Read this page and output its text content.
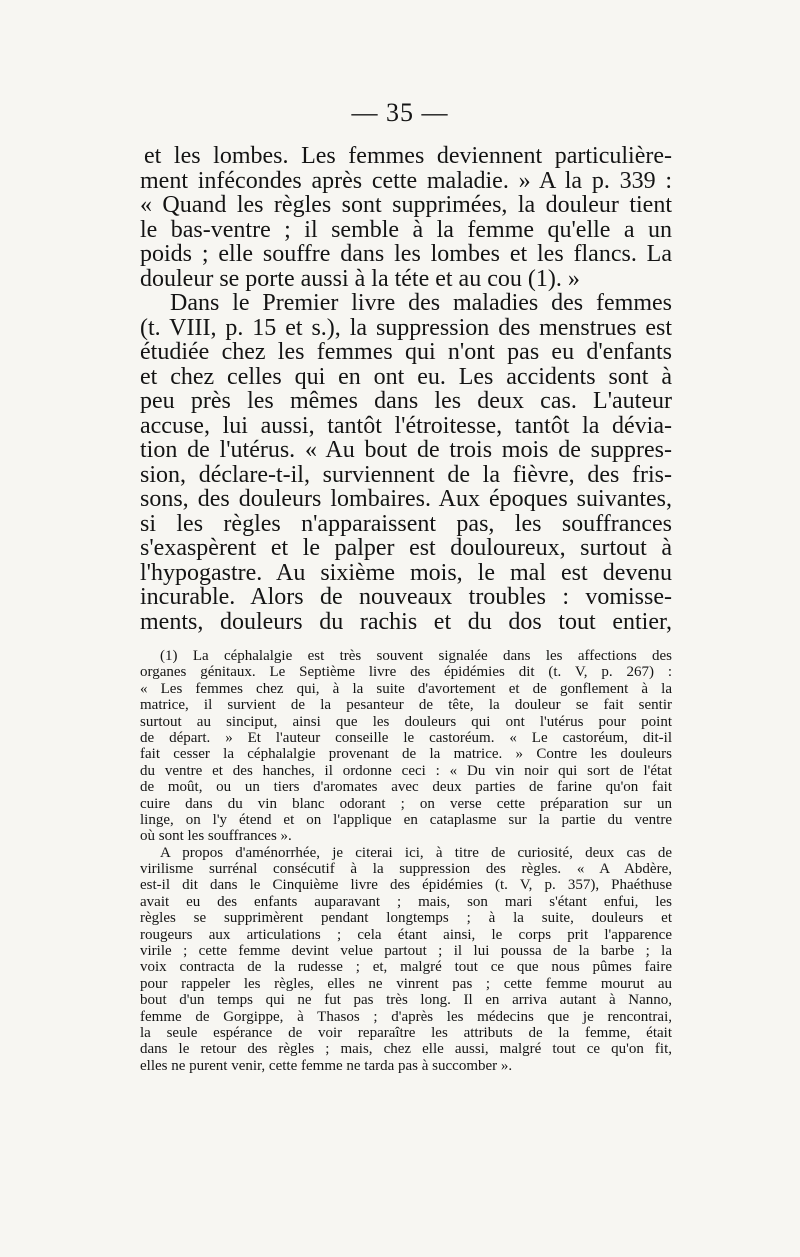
— 35 —
et les lombes. Les femmes deviennent particulière-
ment infécondes après cette maladie. » A la p. 339 :
« Quand les règles sont supprimées, la douleur tient
le bas-ventre ; il semble à la femme qu'elle a un
poids ; elle souffre dans les lombes et les flancs. La
douleur se porte aussi à la téte et au cou (1). »
Dans le Premier livre des maladies des femmes
(t. VIII, p. 15 et s.), la suppression des menstrues est
étudiée chez les femmes qui n'ont pas eu d'enfants
et chez celles qui en ont eu. Les accidents sont à
peu près les mêmes dans les deux cas. L'auteur
accuse, lui aussi, tantôt l'étroitesse, tantôt la dévia-
tion de l'utérus. « Au bout de trois mois de suppres-
sion, déclare-t-il, surviennent de la fièvre, des fris-
sons, des douleurs lombaires. Aux époques suivantes,
si les règles n'apparaissent pas, les souffrances
s'exaspèrent et le palper est douloureux, surtout à
l'hypogastre. Au sixième mois, le mal est devenu
incurable. Alors de nouveaux troubles : vomisse-
ments, douleurs du rachis et du dos tout entier,
(1) La céphalalgie est très souvent signalée dans les affections des
organes génitaux. Le Septième livre des épidémies dit (t. V, p. 267) :
« Les femmes chez qui, à la suite d'avortement et de gonflement à la
matrice, il survient de la pesanteur de tête, la douleur se fait sentir
surtout au sinciput, ainsi que les douleurs qui ont l'utérus pour point
de départ. » Et l'auteur conseille le castoréum. « Le castoréum, dit-il
fait cesser la céphalalgie provenant de la matrice. » Contre les douleurs
du ventre et des hanches, il ordonne ceci : « Du vin noir qui sort de l'état
de moût, ou un tiers d'aromates avec deux parties de farine qu'on fait
cuire dans du vin blanc odorant ; on verse cette préparation sur un
linge, on l'y étend et on l'applique en cataplasme sur la partie du ventre
où sont les souffrances ».
A propos d'aménorrhée, je citerai ici, à titre de curiosité, deux cas de
virilisme surrénal consécutif à la suppression des règles. « A Abdère,
est-il dit dans le Cinquième livre des épidémies (t. V, p. 357), Phaéthuse
avait eu des enfants auparavant ; mais, son mari s'étant enfui, les
règles se supprimèrent pendant longtemps ; à la suite, douleurs et
rougeurs aux articulations ; cela étant ainsi, le corps prit l'apparence
virile ; cette femme devint velue partout ; il lui poussa de la barbe ; la
voix contracta de la rudesse ; et, malgré tout ce que nous pûmes faire
pour rappeler les règles, elles ne vinrent pas ; cette femme mourut au
bout d'un temps qui ne fut pas très long. Il en arriva autant à Nanno,
femme de Gorgippe, à Thasos ; d'après les médecins que je rencontrai,
la seule espérance de voir reparaître les attributs de la femme, était
dans le retour des règles ; mais, chez elle aussi, malgré tout ce qu'on fit,
elles ne purent venir, cette femme ne tarda pas à succomber ».
